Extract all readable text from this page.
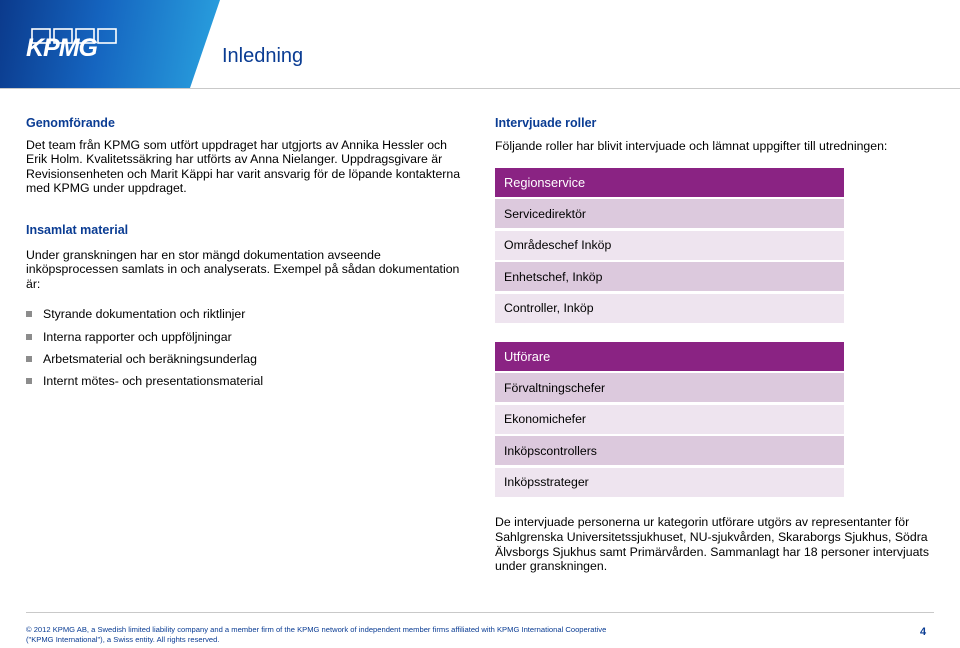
KPMG	Inledning
Genomförande
Det team från KPMG som utfört uppdraget har utgjorts av Annika Hessler och
Erik Holm. Kvalitetssäkring har utförts av Anna Nielanger. Uppdragsgivare är
Revisionsenheten och Marit Käppi har varit ansvarig för de löpande kontakterna
med KPMG under uppdraget.
Insamlat material
Under granskningen har en stor mängd dokumentation avseende
inköpsprocessen samlats in och analyserats. Exempel på sådan dokumentation
är:
Styrande dokumentation och riktlinjer
Interna rapporter och uppföljningar
Arbetsmaterial och beräkningsunderlag
Internt mötes- och presentationsmaterial
Intervjuade roller
Följande roller har blivit intervjuade och lämnat uppgifter till utredningen:
Regionservice
Servicedirektör
Områdeschef Inköp
Enhetschef, Inköp
Controller, Inköp
Utförare
Förvaltningschefer
Ekonomichefer
Inköpscontrollers
Inköpsstrateger
De intervjuade personerna ur kategorin utförare utgörs av representanter för
Sahlgrenska Universitetssjukhuset, NU-sjukvården, Skaraborgs Sjukhus, Södra
Älvsborgs Sjukhus samt Primärvården. Sammanlagt har 18 personer intervjuats
under granskningen.
© 2012 KPMG AB, a Swedish limited liability company and a member firm of the KPMG network of independent member firms affiliated with KPMG International Cooperative
("KPMG International"), a Swiss entity. All rights reserved.
4
